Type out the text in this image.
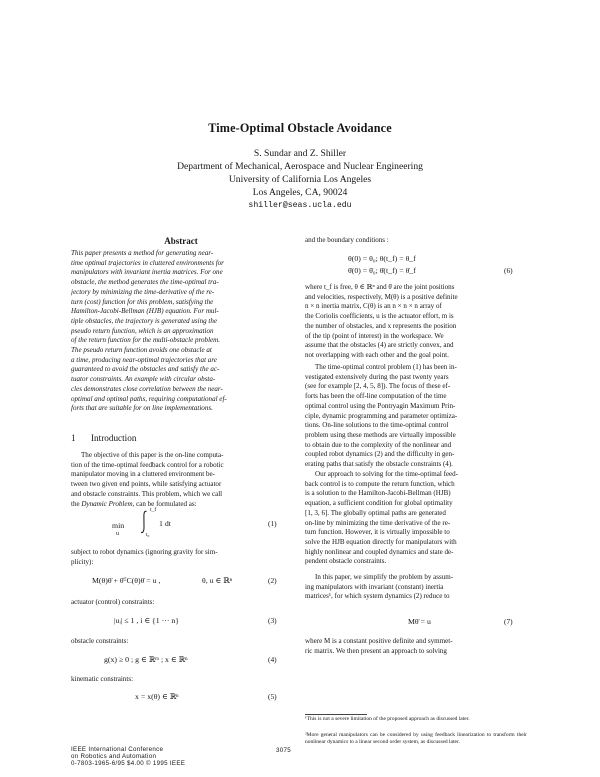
Time-Optimal Obstacle Avoidance
S. Sundar and Z. Shiller
Department of Mechanical, Aerospace and Nuclear Engineering
University of California Los Angeles
Los Angeles, CA, 90024
shiller@seas.ucla.edu
Abstract
This paper presents a method for generating near-
time optimal trajectories in cluttered environments for
manipulators with invariant inertia matrices. For one
obstacle, the method generates the time-optimal tra-
jectory by minimizing the time-derivative of the re-
turn (cost) function for this problem, satisfying the
Hamilton-Jacobi-Bellman (HJB) equation. For mul-
tiple obstacles, the trajectory is generated using the
pseudo return function, which is an approximation
of the return function for the multi-obstacle problem.
The pseudo return function avoids one obstacle at
a time, producing near-optimal trajectories that are
guaranteed to avoid the obstacles and satisfy the ac-
tuator constraints. An example with circular obsta-
cles demonstrates close correlation between the near-
optimal and optimal paths, requiring computational ef-
forts that are suitable for on line implementations.
1 Introduction
The objective of this paper is the on-line computa-
tion of the time-optimal feedback control for a robotic
manipulator moving in a cluttered environment be-
tween two given end points, while satisfying actuator
and obstacle constraints. This problem, which we call
the Dynamic Problem, can be formulated as:
min
u
t_f
t₀
1 dt	(1)
subject to robot dynamics (ignoring gravity for sim-
plicity):
M(θ)θ̈ + θ̇ᵀC(θ)θ̇ = u ,	θ, u ∈ ℝⁿ	(2)
actuator (control) constraints:
|uᵢ| ≤ 1 , i ∈ {1 ··· n}	(3)
obstacle constraints:
g(x) ≥ 0 ; g ∈ ℝᵐ ; x ∈ ℝⁿ	(4)
kinematic constraints:
x = x(θ) ∈ ℝⁿ	(5)
and the boundary conditions :
θ(0) = θ₀; θ(t_f) = θ_f
θ̇(0) = θ̇₀; θ̇(t_f) = θ̇_f	(6)
where t_f is free, θ ∈ ℝⁿ and θ̇ are the joint positions
and velocities, respectively, M(θ) is a positive definite
n × n inertia matrix, C(θ) is an n × n × n array of
the Coriolis coefficients, u is the actuator effort, m is
the number of obstacles, and x represents the position
of the tip (point of interest) in the workspace. We
assume that the obstacles (4) are strictly convex, and
not overlapping with each other and the goal point.
The time-optimal control problem (1) has been in-
vestigated extensively during the past twenty years
(see for example [2, 4, 5, 8]). The focus of these ef-
forts has been the off-line computation of the time
optimal control using the Pontryagin Maximum Prin-
ciple, dynamic programming and parameter optimiza-
tions. On-line solutions to the time-optimal control
problem using these methods are virtually impossible
to obtain due to the complexity of the nonlinear and
coupled robot dynamics (2) and the difficulty in gen-
erating paths that satisfy the obstacle constraints (4).
Our approach to solving for the time-optimal feed-
back control is to compute the return function, which
is a solution to the Hamilton-Jacobi-Bellman (HJB)
equation, a sufficient condition for global optimality
[1, 3, 6]. The globally optimal paths are generated
on-line by minimizing the time derivative of the re-
turn function. However, it is virtually impossible to
solve the HJB equation directly for manipulators with
highly nonlinear and coupled dynamics and state de-
pendent obstacle constraints.
In this paper, we simplify the problem by assum-
ing manipulators with invariant (constant) inertia
matrices¹, for which system dynamics (2) reduce to
Mθ̈ = u	(7)
where M is a constant positive definite and symmet-
ric matrix. We then present an approach to solving
¹This is not a severe limitation of the proposed approach as discussed later.
²More general manipulators can be considered by using feedback linearization to transform their nonlinear dynamics to a linear second order system, as discussed later.
IEEE International Conference
on Robotics and Automation
0-7803-1965-6/95 $4.00 © 1995 IEEE
3075
